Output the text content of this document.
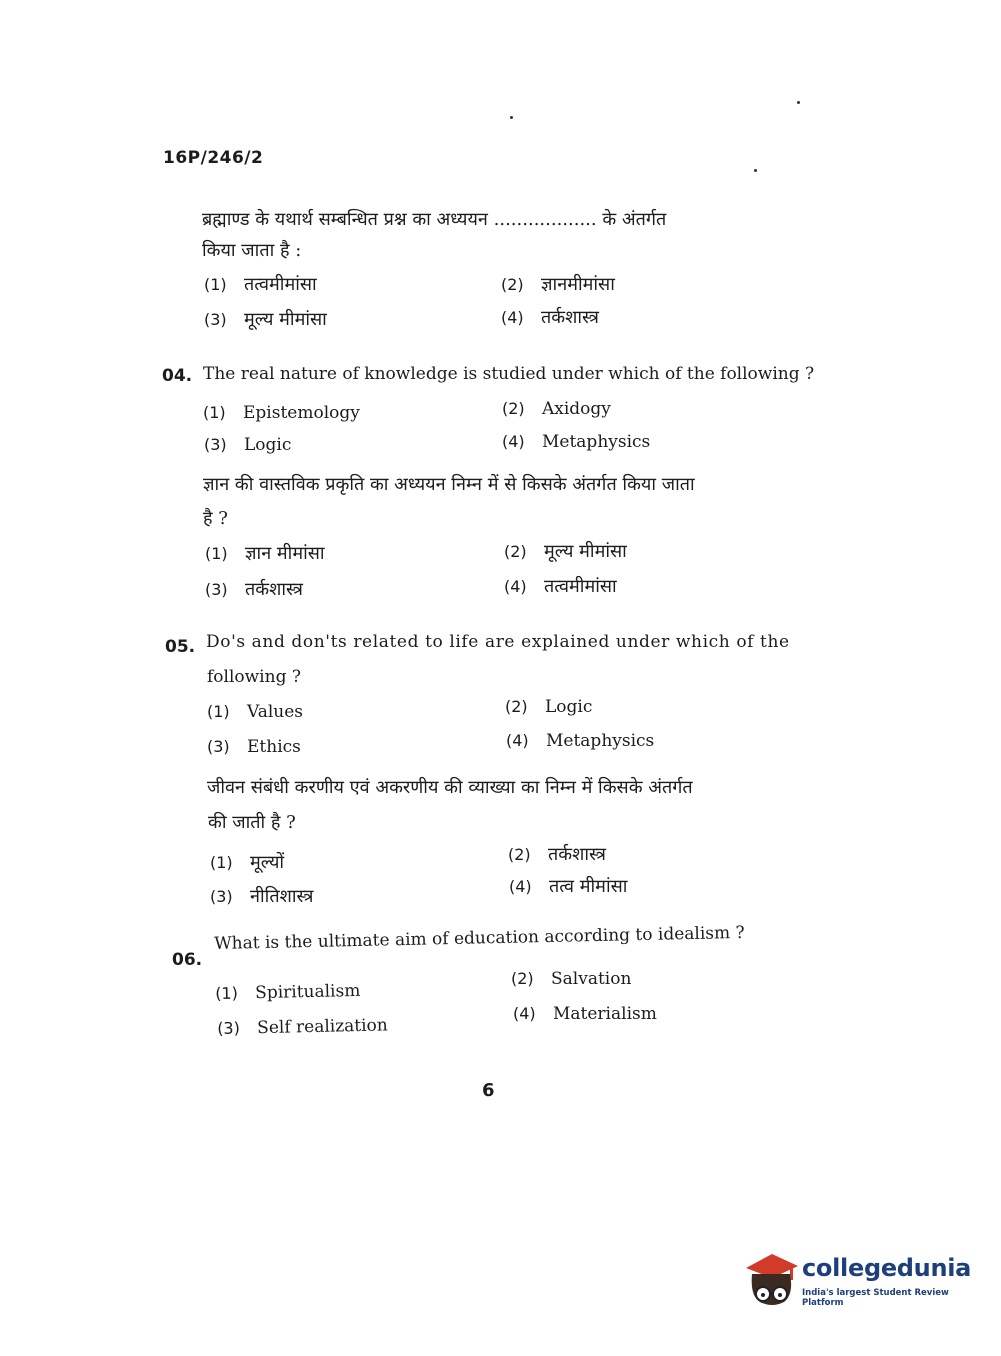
16P/246/2
ब्रह्माण्ड के यथार्थ सम्बन्धित प्रश्न का अध्ययन .................. के अंतर्गत
किया जाता है :
(1) तत्वमीमांसा	(2) ज्ञानमीमांसा
(3) मूल्य मीमांसा	(4) तर्कशास्त्र
04. The real nature of knowledge is studied under which of the following ?
(1) Epistemology	(2) Axidogy
(3) Logic	(4) Metaphysics
ज्ञान की वास्तविक प्रकृति का अध्ययन निम्न में से किसके अंतर्गत किया जाता
है ?
(1) ज्ञान मीमांसा	(2) मूल्य मीमांसा
(3) तर्कशास्त्र	(4) तत्वमीमांसा
05. Do's and don'ts related to life are explained under which of the
following ?
(1) Values	(2) Logic
(3) Ethics	(4) Metaphysics
जीवन संबंधी करणीय एवं अकरणीय की व्याख्या का निम्न में किसके अंतर्गत
की जाती है ?
(1) मूल्यों	(2) तर्कशास्त्र
(3) नीतिशास्त्र	(4) तत्व मीमांसा
06.
What is the ultimate aim of education according to idealism ?
(1) Spiritualism
(2) Salvation
(3) Self realization
(4) Materialism
6
collegedunia
India's largest Student Review Platform
